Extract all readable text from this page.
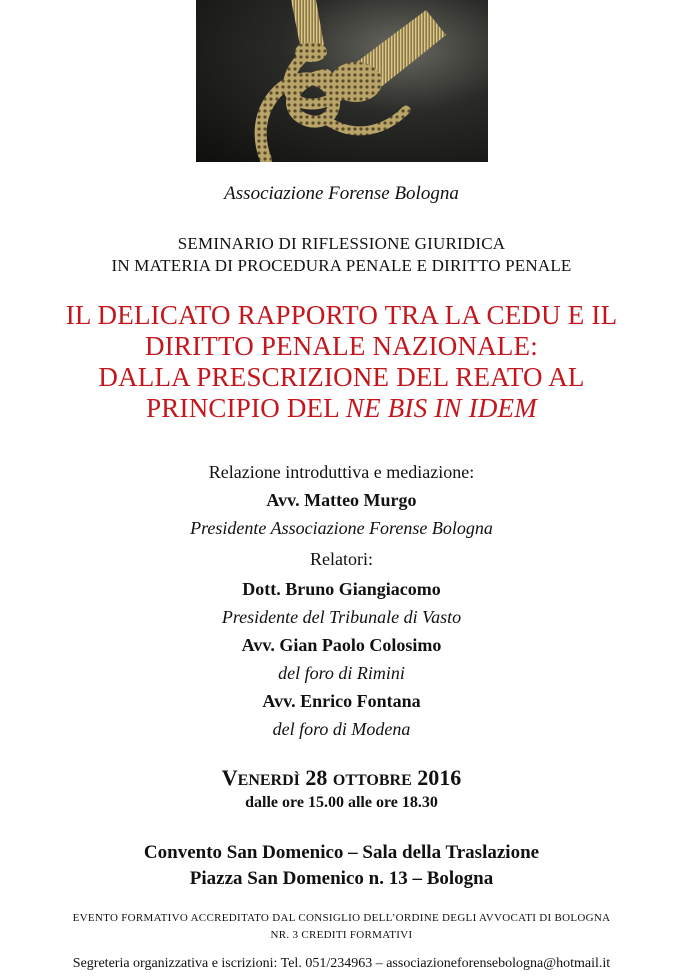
Associazione Forense Bologna
SEMINARIO DI RIFLESSIONE GIURIDICA
IN MATERIA DI PROCEDURA PENALE E DIRITTO PENALE
IL DELICATO RAPPORTO TRA LA CEDU E IL
DIRITTO PENALE NAZIONALE:
DALLA PRESCRIZIONE DEL REATO AL
PRINCIPIO DEL NE BIS IN IDEM
Relazione introduttiva e mediazione:
Avv. Matteo Murgo
Presidente Associazione Forense Bologna
Relatori:
Dott. Bruno Giangiacomo
Presidente del Tribunale di Vasto
Avv. Gian Paolo Colosimo
del foro di Rimini
Avv. Enrico Fontana
del foro di Modena
VENERDÌ 28 OTTOBRE 2016
dalle ore 15.00 alle ore 18.30
Convento San Domenico – Sala della Traslazione
Piazza San Domenico n. 13 – Bologna
EVENTO FORMATIVO ACCREDITATO DAL CONSIGLIO DELL’ORDINE DEGLI AVVOCATI DI BOLOGNA
NR. 3 CREDITI FORMATIVI
Segreteria organizzativa e iscrizioni: Tel. 051/234963 – associazioneforensebologna@hotmail.it
